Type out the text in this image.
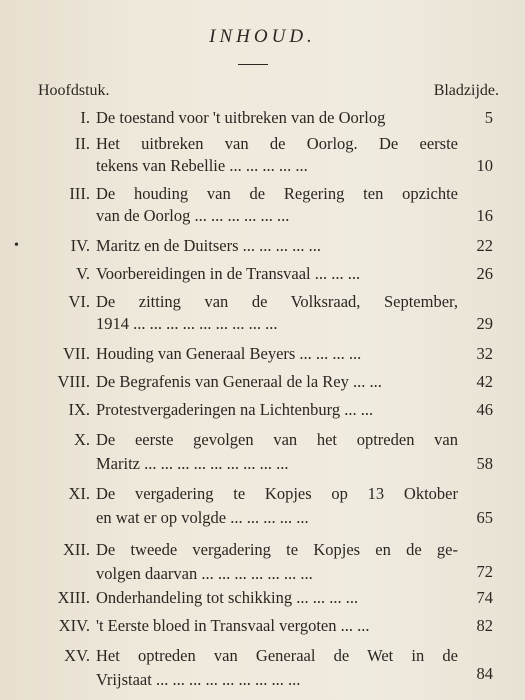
INHOUD.
Hoofdstuk.	Bladzijde.
I. De toestand voor 't uitbreken van de Oorlog	5
II. Het uitbreken van de Oorlog. De eerste
tekens van Rebellie ... ... ... ... ...	10
III. De houding van de Regering ten opzichte
van de Oorlog ... ... ... ... ... ...	16
•	IV. Maritz en de Duitsers ... ... ... ... ...	22
V. Voorbereidingen in de Transvaal ... ... ...	26
VI. De zitting van de Volksraad, September,
1914 ... ... ... ... ... ... ... ... ...	29
VII. Houding van Generaal Beyers ... ... ... ...	32
VIII. De Begrafenis van Generaal de la Rey ... ...	42
IX. Protestvergaderingen na Lichtenburg ... ...	46
X. De eerste gevolgen van het optreden van
Maritz ... ... ... ... ... ... ... ... ...	58
XI. De vergadering te Kopjes op 13 Oktober
en wat er op volgde ... ... ... ... ...	65
XII. De tweede vergadering te Kopjes en de ge-
volgen daarvan ... ... ... ... ... ... ...	72
XIII. Onderhandeling tot schikking ... ... ... ...	74
XIV. 't Eerste bloed in Transvaal vergoten ... ...	82
XV. Het optreden van Generaal de Wet in de
Vrijstaat ... ... ... ... ... ... ... ... ...	84
